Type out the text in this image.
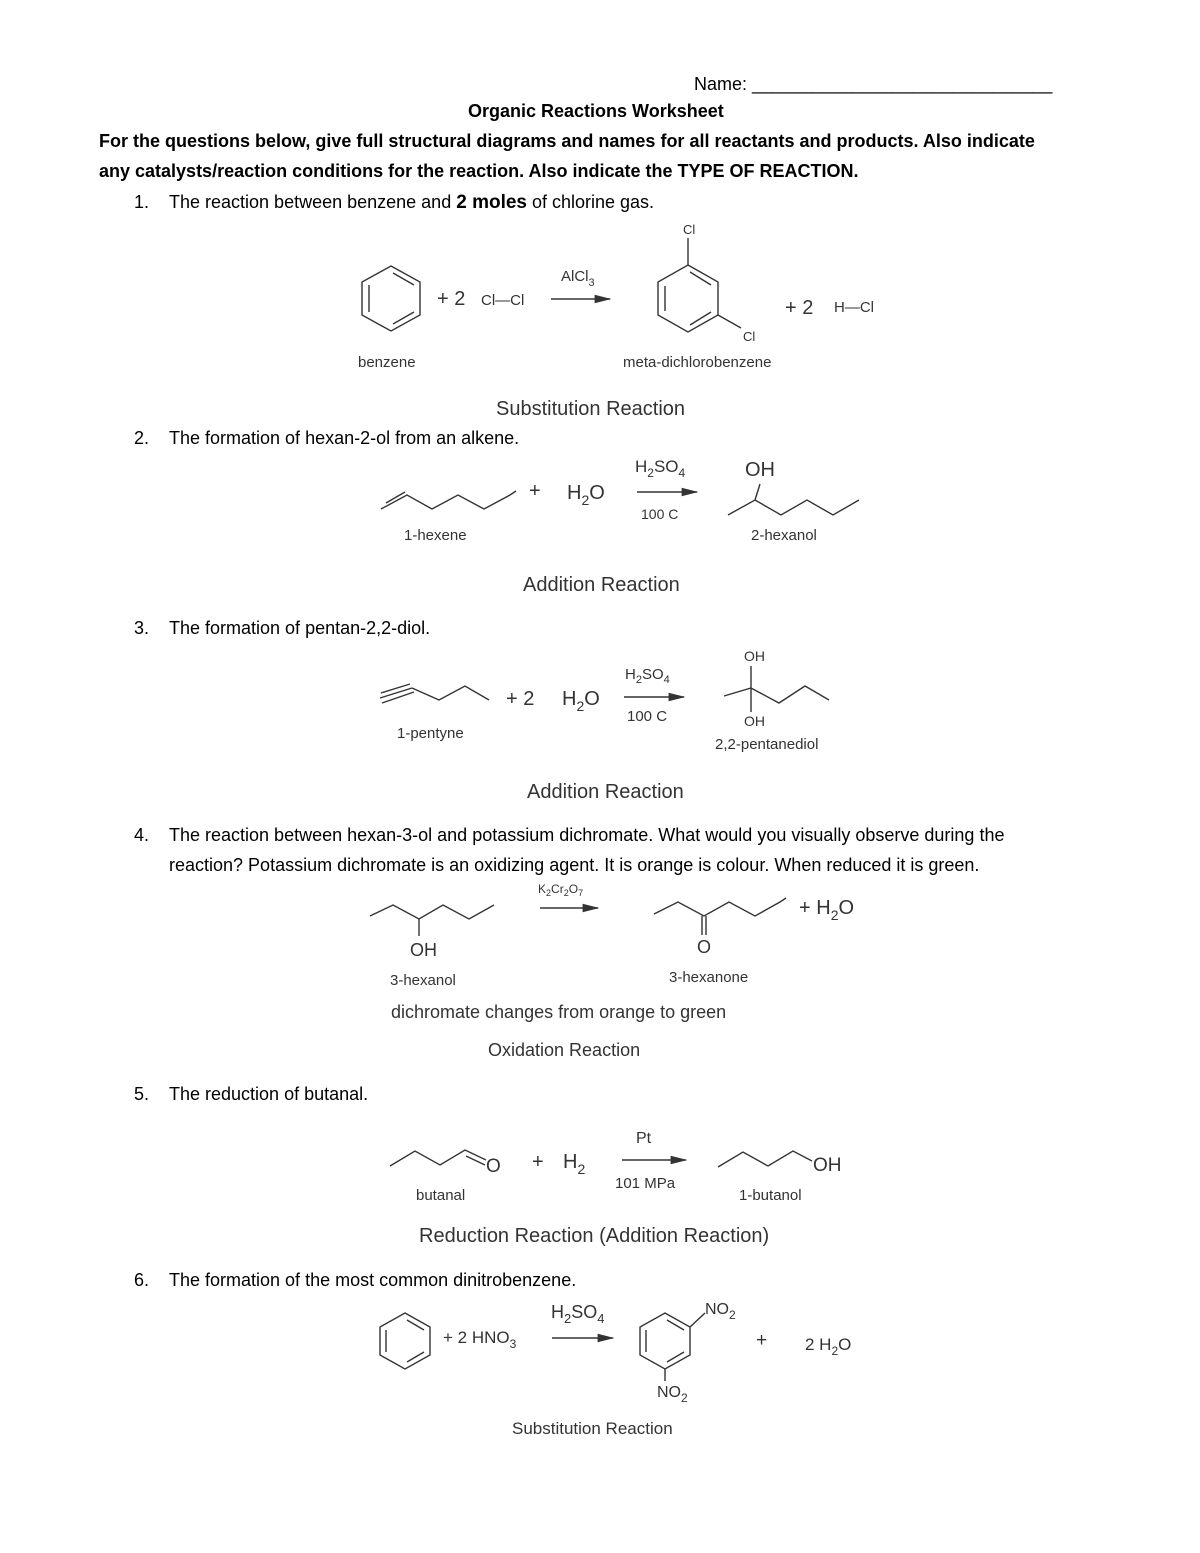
Name: ______________________________
Organic Reactions Worksheet
For the questions below, give full structural diagrams and names for all reactants and products. Also indicate
any catalysts/reaction conditions for the reaction. Also indicate the TYPE OF REACTION.
1. The reaction between benzene and 2 moles of chlorine gas.
2. The formation of hexan-2-ol from an alkene.
3. The formation of pentan-2,2-diol.
4. The reaction between hexan-3-ol and potassium dichromate. What would you visually observe during the
reaction? Potassium dichromate is an oxidizing agent. It is orange is colour. When reduced it is green.
5. The reduction of butanal.
6. The formation of the most common dinitrobenzene.
+ 2 Cl—Cl
AlCl$_3$
Cl
Cl
+ 2 H—Cl
benzene	meta-dichlorobenzene
Substitution Reaction
+ $H_2O$
$H_2SO_4$
100 C
OH
1-hexene	2-hexanol
Addition Reaction
+ 2 $H_2O$
$H_2SO_4$
100 C
OH
OH
1-pentyne
2,2-pentanediol
Addition Reaction
$K_2Cr_2O_7$
OH	O
+ $H_2O$
3-hexanol	3-hexanone
dichromate changes from orange to green
Oxidation Reaction
$O + H_2$
Pt
101 MPa
OH
butanal	1-butanol
Reduction Reaction (Addition Reaction)
+ 2 $HNO_3$
$H_2SO_4$
$NO_2$
$NO_2$
+ 2 $H_2O$
Substitution Reaction
